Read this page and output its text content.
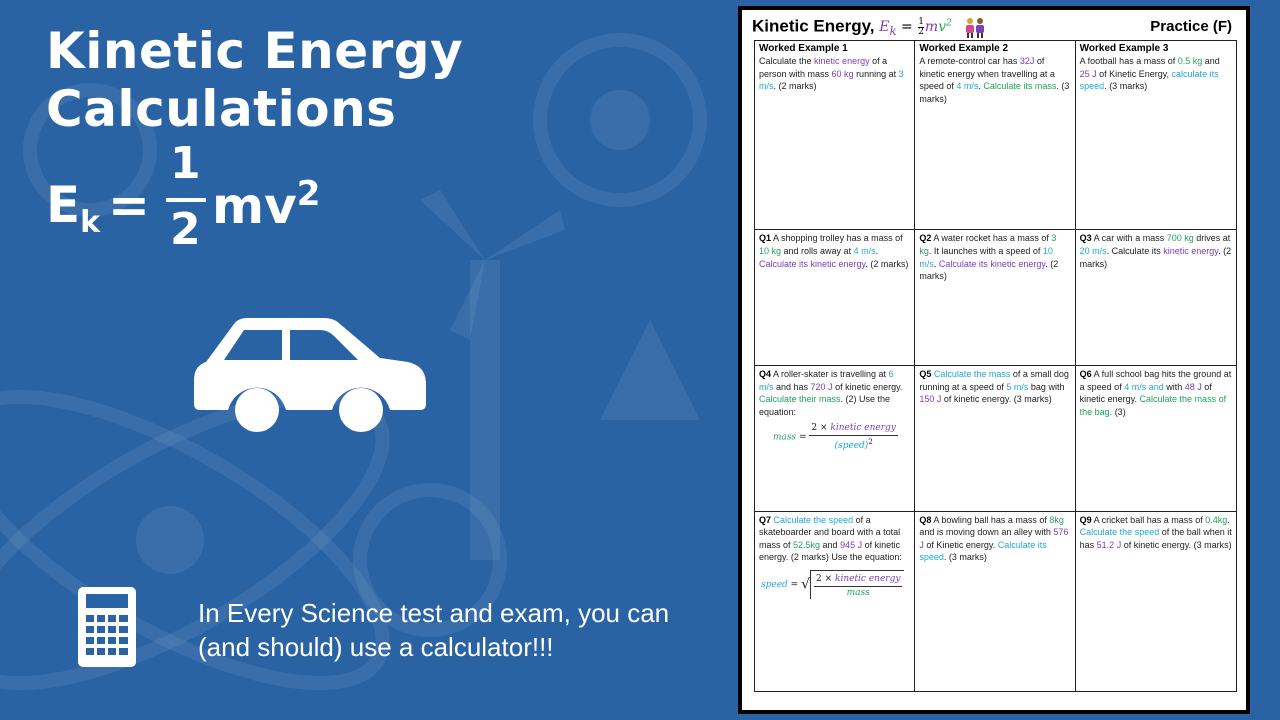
Kinetic Energy
Calculations
$E_k$ =
1
2 $mv^2$
In Every Science test and exam, you can (and should) use a calculator!!!
Kinetic Energy, $E_k = \frac{1}{2}mv^2$	Practice (F)
Worked Example 1
Calculate the kinetic energy of a person with mass 60 kg running at 3 m/s. (2 marks)
Worked Example 2
A remote-control car has 32J of kinetic energy when travelling at a speed of 4 m/s. Calculate its mass. (3 marks)
Worked Example 3
A football has a mass of 0.5 kg and 25 J of Kinetic Energy, calculate its speed. (3 marks)
Q1 A shopping trolley has a mass of 10 kg and rolls away at 4 m/s. Calculate its kinetic energy. (2 marks)
Q2 A water rocket has a mass of 3 kg. It launches with a speed of 10 m/s. Calculate its kinetic energy. (2 marks)
Q3 A car with a mass 700 kg drives at 20 m/s. Calculate its kinetic energy. (2 marks)
Q4 A roller-skater is travelling at 6 m/s and has 720 J of kinetic energy. Calculate their mass. (2) Use the equation:
mass =
2 × kinetic energy
(speed)$^2$
Q5 Calculate the mass of a small dog running at a speed of 5 m/s bag with 150 J of kinetic energy. (3 marks)
Q6 A full school bag hits the ground at a speed of 4 m/s and with 48 J of kinetic energy. Calculate the mass of the bag. (3)
Q7 Calculate the speed of a skateboarder and board with a total mass of 52.5kg and 945 J of kinetic energy. (2 marks) Use the equation:
speed = √ 2 × kinetic energy
mass
Q8 A bowling ball has a mass of 8kg and is moving down an alley with 576 J of Kinetic energy. Calculate its speed. (3 marks)
Q9 A cricket ball has a mass of 0.4kg. Calculate the speed of the ball when it has 51.2 J of kinetic energy. (3 marks)
